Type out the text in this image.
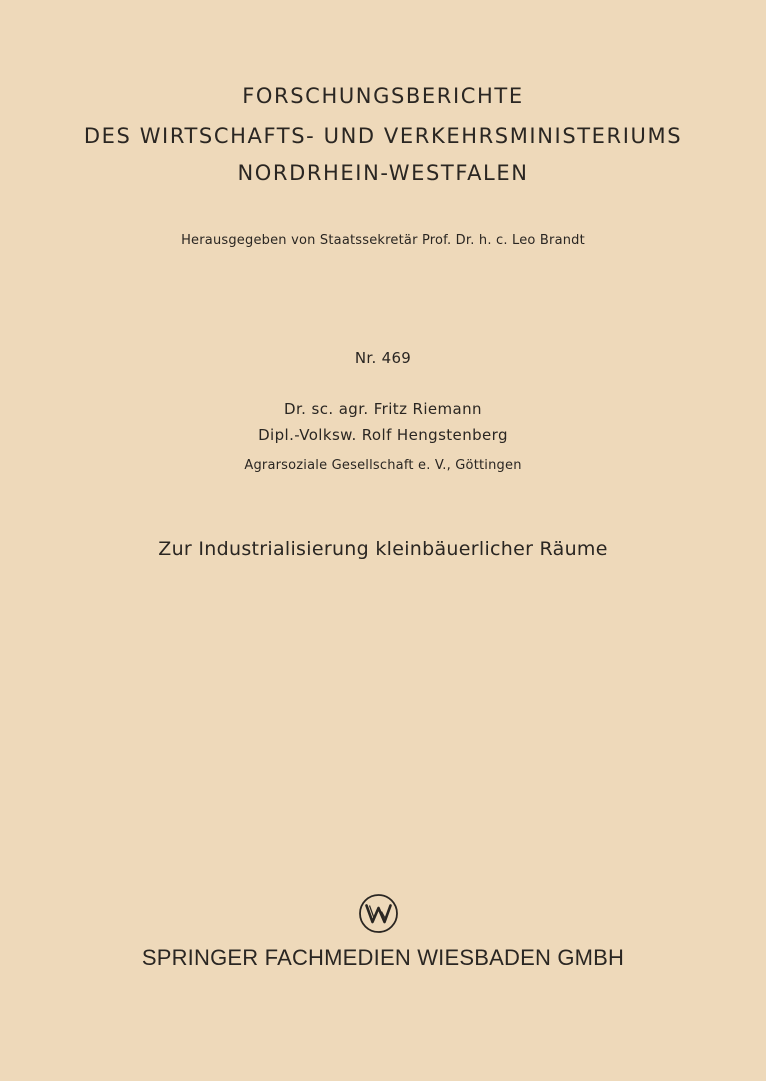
FORSCHUNGSBERICHTE
DES WIRTSCHAFTS- UND VERKEHRSMINISTERIUMS
NORDRHEIN-WESTFALEN
Herausgegeben von Staatssekretär Prof. Dr. h. c. Leo Brandt
Nr. 469
Dr. sc. agr. Fritz Riemann
Dipl.-Volksw. Rolf Hengstenberg
Agrarsoziale Gesellschaft e. V., Göttingen
Zur Industrialisierung kleinbäuerlicher Räume
SPRINGER FACHMEDIEN WIESBADEN GMBH
